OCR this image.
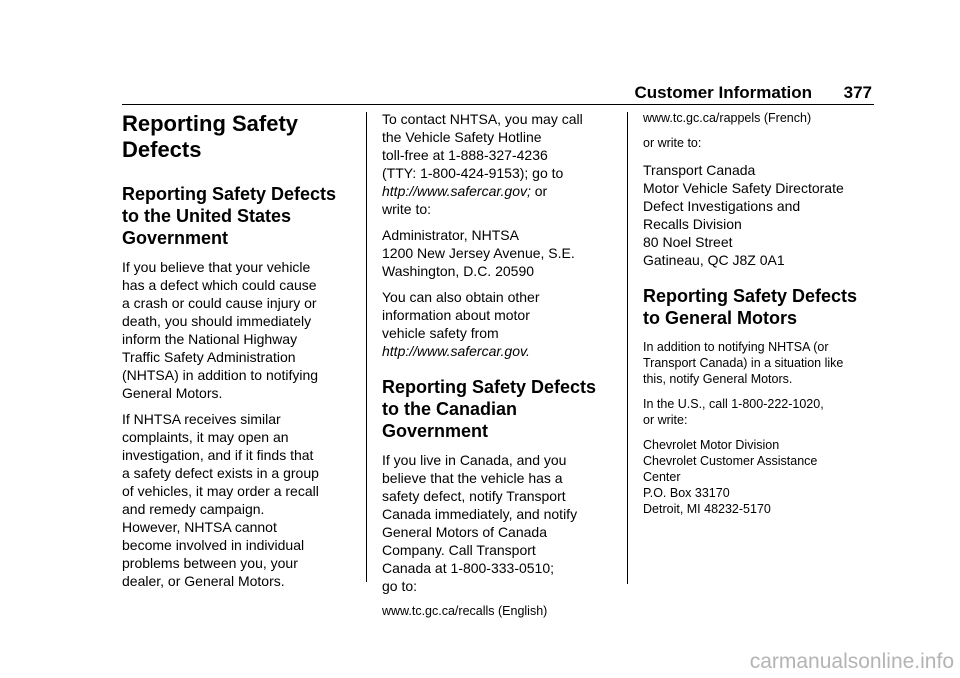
Customer Information 377

Reporting Safety

Defects

Reporting Safety Defects

to the United States

Government

If you believe that your vehicle

has a defect which could cause

a crash or could cause injury or

death, you should immediately

inform the National Highway

Traffic Safety Administration

(NHTSA) in addition to notifying

General Motors.

If NHTSA receives similar

complaints, it may open an

investigation, and if it finds that

a safety defect exists in a group

of vehicles, it may order a recall

and remedy campaign.

However, NHTSA cannot

become involved in individual

problems between you, your

dealer, or General Motors.

To contact NHTSA, you may call

the Vehicle Safety Hotline

toll-free at 1-888-327-4236

(TTY: 1-800-424-9153); go to

http://www.safercar.gov; or

write to:

Administrator, NHTSA

1200 New Jersey Avenue, S.E.

Washington, D.C. 20590

You can also obtain other

information about motor

vehicle safety from

http://www.safercar.gov.

Reporting Safety Defects

to the Canadian

Government

If you live in Canada, and you

believe that the vehicle has a

safety defect, notify Transport

Canada immediately, and notify

General Motors of Canada

Company. Call Transport

Canada at 1-800-333-0510;

go to:

www.tc.gc.ca/recalls (English)

www.tc.gc.ca/rappels (French)

or write to:

Transport Canada

Motor Vehicle Safety Directorate

Defect Investigations and

Recalls Division

80 Noel Street

Gatineau, QC J8Z 0A1

Reporting Safety Defects

to General Motors

In addition to notifying NHTSA (or

Transport Canada) in a situation like

this, notify General Motors.

In the U.S., call 1-800-222-1020,

or write:

Chevrolet Motor Division

Chevrolet Customer Assistance

Center

P.O. Box 33170

Detroit, MI 48232-5170

carmanualsonline.info
